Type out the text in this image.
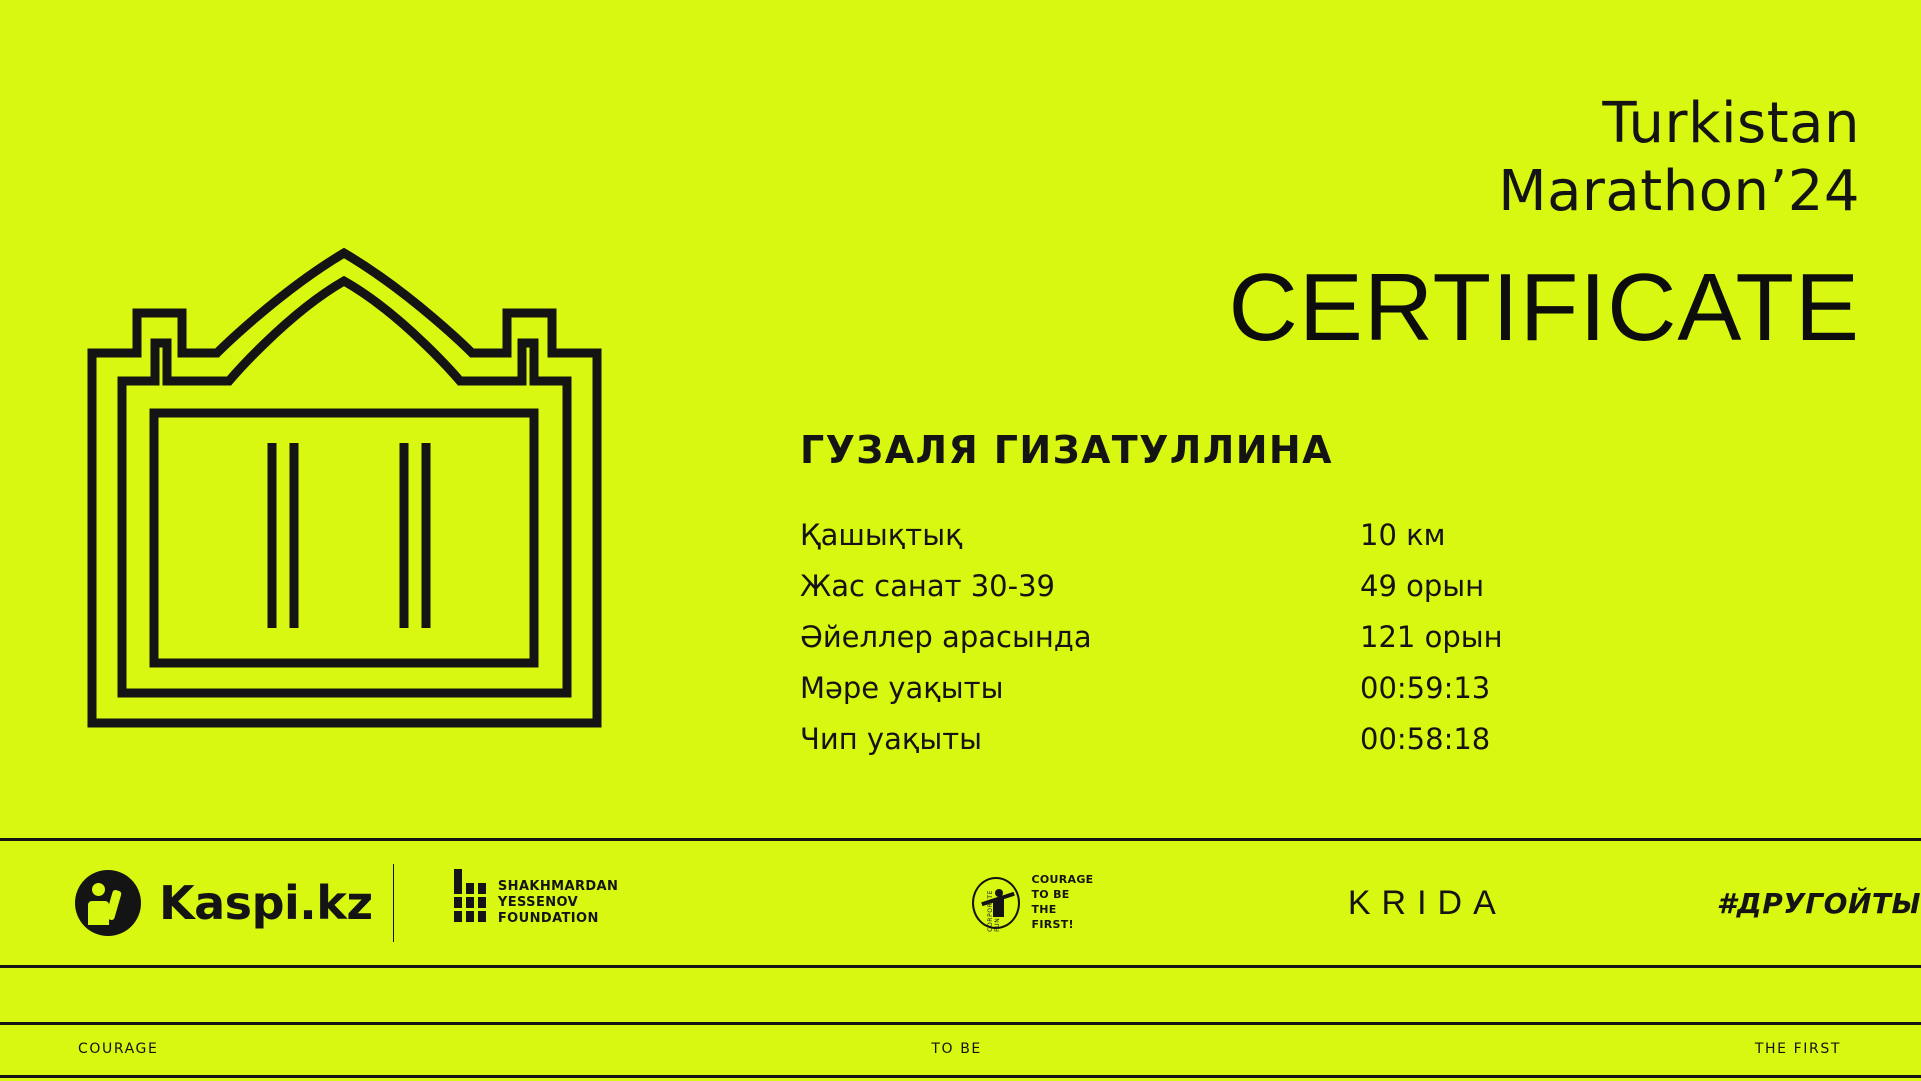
Turkistan
Marathon’24
CERTIFICATE
ГУЗАЛЯ ГИЗАТУЛЛИНА
Қашықтық	10 км
Жас санат 30-39	49 орын
Әйеллер арасында	121 орын
Мәре уақыты	00:59:13
Чип уақыты	00:58:18
Kaspi.kz	SHAKHMARDAN YESSENOV
FOUNDATION	CORPORATE FUND
COURAGE
TO BE
THE FIRST!
KRIDA	#ДРУГОЙТЫ
COURAGE	TO BE	THE FIRST
